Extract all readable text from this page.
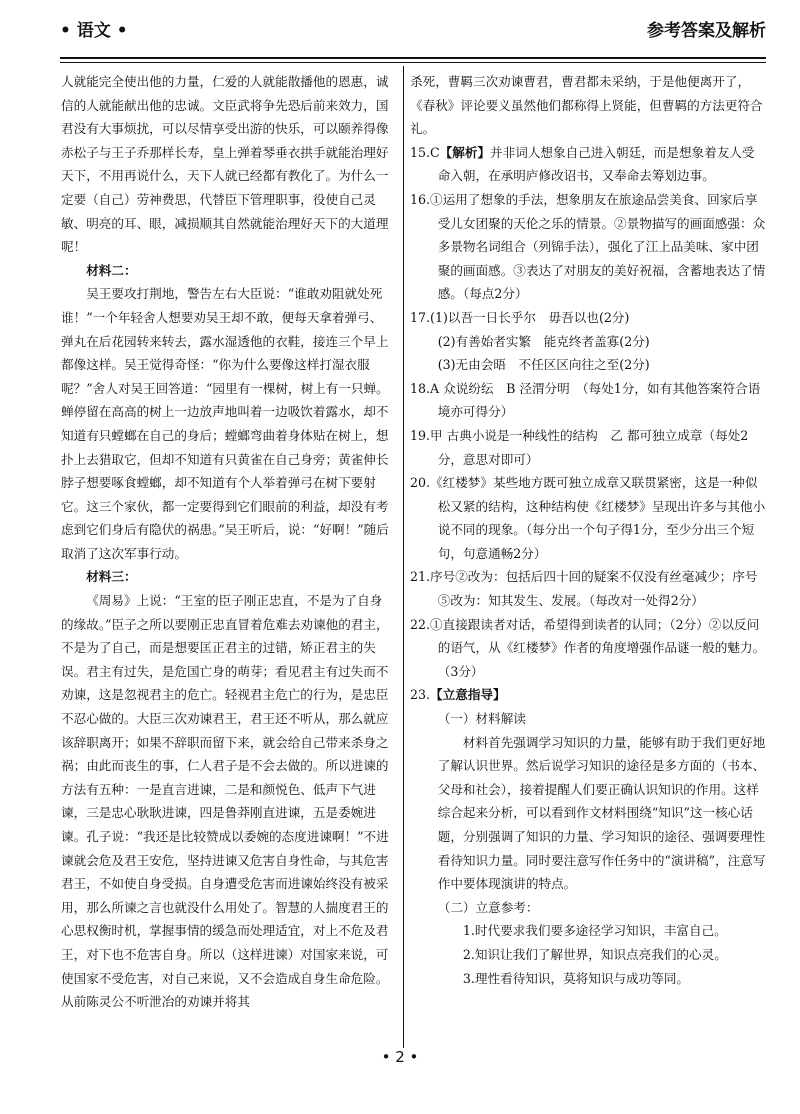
• 语文 •	参考答案及解析

人就能完全使出他的力量，仁爱的人就能散播他的恩惠，诚信的人就能献出他的忠诚。文臣武将争先恐后前来效力，国君没有大事烦扰，可以尽情享受出游的快乐，可以颐养得像赤松子与王子乔那样长寿，皇上弹着琴垂衣拱手就能治理好天下，不用再说什么，天下人就已经都有教化了。为什么一定要（自己）劳神费思，代替臣下管理职事，役使自己灵敏、明亮的耳、眼，减损顺其自然就能治理好天下的大道理呢！

材料二：

吴王要攻打荆地，警告左右大臣说：“谁敢劝阻就处死谁！”一个年轻舍人想要劝吴王却不敢，便每天拿着弹弓、弹丸在后花园转来转去，露水湿透他的衣鞋，接连三个早上都像这样。吴王觉得奇怪：“你为什么要像这样打湿衣服呢？”舍人对吴王回答道：“园里有一棵树，树上有一只蝉。蝉停留在高高的树上一边放声地叫着一边吸饮着露水，却不知道有只螳螂在自己的身后；螳螂弯曲着身体贴在树上，想扑上去猎取它，但却不知道有只黄雀在自己身旁；黄雀伸长脖子想要啄食螳螂，却不知道有个人举着弹弓在树下要射它。这三个家伙，都一定要得到它们眼前的利益，却没有考虑到它们身后有隐伏的祸患。”吴王听后，说：“好啊！”随后取消了这次军事行动。

材料三：

《周易》上说：“王室的臣子刚正忠直，不是为了自身的缘故。”臣子之所以要刚正忠直冒着危难去劝谏他的君主，不是为了自己，而是想要匡正君主的过错，矫正君主的失误。君主有过失，是危国亡身的萌芽；看见君主有过失而不劝谏，这是忽视君主的危亡。轻视君主危亡的行为，是忠臣不忍心做的。大臣三次劝谏君王，君王还不听从，那么就应该辞职离开；如果不辞职而留下来，就会给自己带来杀身之祸；由此而丧生的事，仁人君子是不会去做的。所以进谏的方法有五种：一是直言进谏，二是和颜悦色、低声下气进谏，三是忠心耿耿进谏，四是鲁莽刚直进谏，五是委婉进谏。孔子说：“我还是比较赞成以委婉的态度进谏啊！”不进谏就会危及君王安危，坚持进谏又危害自身性命，与其危害君王，不如使自身受损。自身遭受危害而进谏始终没有被采用，那么所谏之言也就没什么用处了。智慧的人揣度君王的心思权衡时机，掌握事情的缓急而处理适宜，对上不危及君王，对下也不危害自身。所以（这样进谏）对国家来说，可使国家不受危害，对自己来说，又不会造成自身生命危险。从前陈灵公不听泄冶的劝谏并将其

杀死，曹羁三次劝谏曹君，曹君都未采纳，于是他便离开了，《春秋》评论要义虽然他们都称得上贤能，但曹羁的方法更符合礼。

15.C【解析】并非词人想象自己进入朝廷，而是想象着友人受命入朝，在承明庐修改诏书，又奉命去筹划边事。

16.①运用了想象的手法，想象朋友在旅途品尝美食、回家后享受儿女团聚的天伦之乐的情景。②景物描写的画面感强：众多景物名词组合（列锦手法），强化了江上品美味、家中团聚的画面感。③表达了对朋友的美好祝福，含蓄地表达了情感。（每点2分）

17.(1)以吾一日长乎尔　毋吾以也(2分)

(2)有善始者实繁　能克终者盖寡(2分)

(3)无由会晤　不任区区向往之至(2分)

18.A 众说纷纭　B 泾渭分明　（每处1分，如有其他答案符合语境亦可得分）

19.甲 古典小说是一种线性的结构　乙 都可独立成章（每处2分，意思对即可）

20.《红楼梦》某些地方既可独立成章又联贯紧密，这是一种似松又紧的结构，这种结构使《红楼梦》呈现出许多与其他小说不同的现象。（每分出一个句子得1分，至少分出三个短句，句意通畅2分）

21.序号②改为：包括后四十回的疑案不仅没有丝毫减少；序号⑤改为：知其发生、发展。（每改对一处得2分）

22.①直接跟读者对话，希望得到读者的认同；（2分）②以反问的语气，从《红楼梦》作者的角度增强作品谜一般的魅力。（3分）

23.【立意指导】

（一）材料解读

材料首先强调学习知识的力量，能够有助于我们更好地了解认识世界。然后说学习知识的途径是多方面的（书本、父母和社会），接着提醒人们要正确认识知识的作用。这样综合起来分析，可以看到作文材料围绕“知识”这一核心话题，分别强调了知识的力量、学习知识的途径、强调要理性看待知识力量。同时要注意写作任务中的“演讲稿”，注意写作中要体现演讲的特点。

（二）立意参考：

1.时代要求我们要多途径学习知识，丰富自己。

2.知识让我们了解世界，知识点亮我们的心灵。

3.理性看待知识，莫将知识与成功等同。

• 2 •
